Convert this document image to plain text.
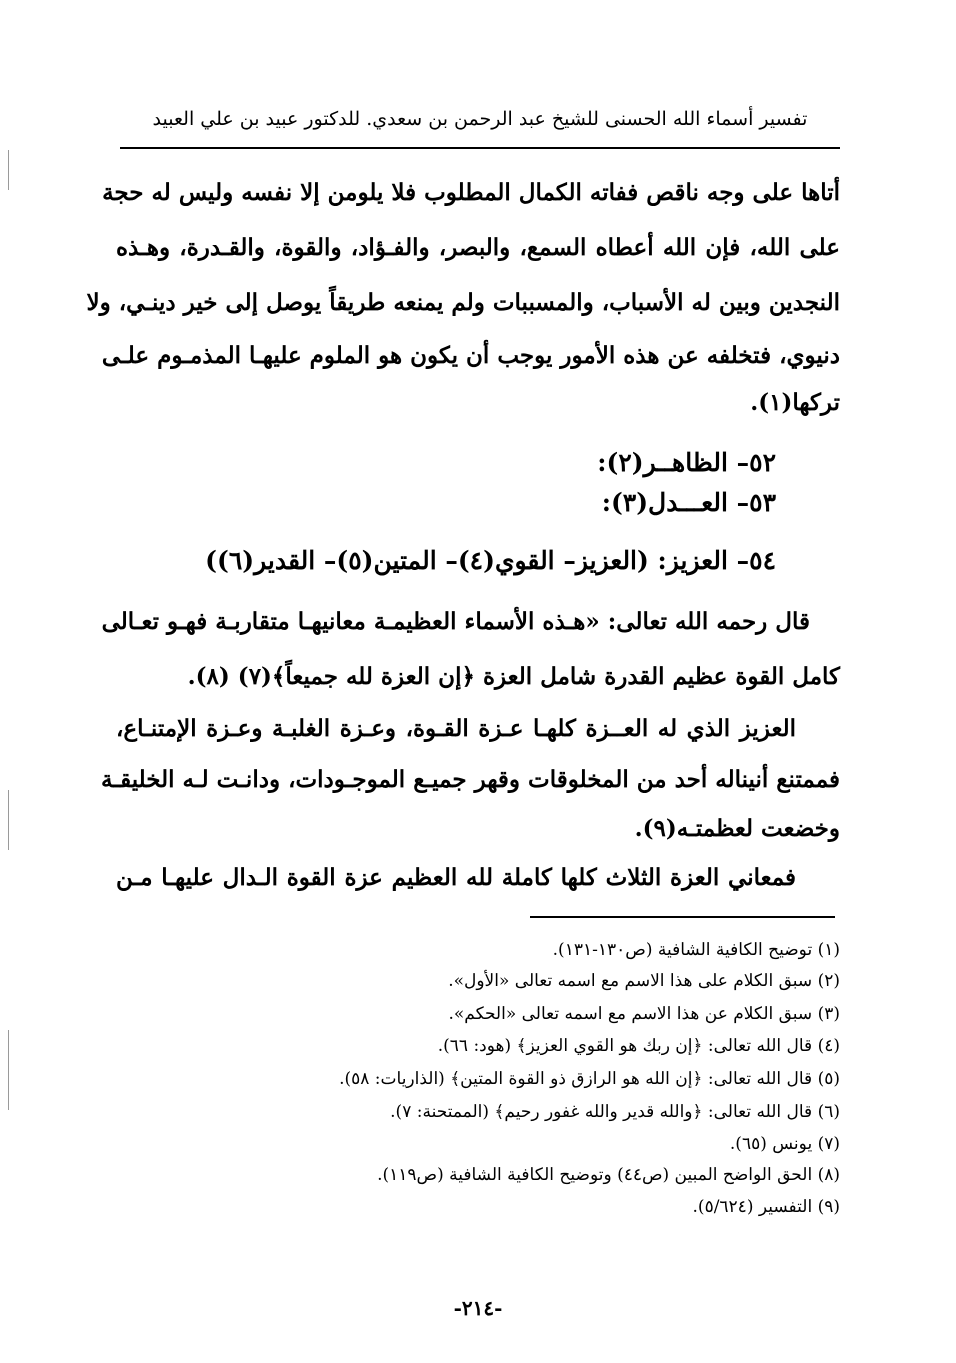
تفسير أسماء الله الحسنى للشيخ عبد الرحمن بن سعدي. للدكتور عبيد بن علي العبيد
أتاها على وجه ناقص ففاته الكمال المطلوب فلا يلومن إلا نفسه وليس له حجة
على الله، فإن الله أعطاه السمع، والبصر، والفـؤاد، والقوة، والقـدرة، وهـذه
النجدين وبين له الأسباب، والمسببات ولم يمنعه طريقاً يوصل إلى خير دينـي، ولا
دنيوي، فتخلفه عن هذه الأمور يوجب أن يكون هو الملوم عليهـا المذمـوم علـى
تركها(١).
٥٢– الظاهــر(٢):
٥٣– العـــدل(٣):
٥٤– العزيز: (العزيز– القوي(٤)– المتين(٥)– القدير(٦))
قال رحمه الله تعالى: «هـذه الأسماء العظيمـة معانيهـا متقاربـة فهـو تعـالى
كامل القوة عظيم القدرة شامل العزة ﴿إن العزة لله جميعاً﴾(٧) (٨).
العزيز الذي له العــزة كلهـا عـزة القـوة، وعـزة الغلبـة وعـزة الإمتنـاع،
فممتنع أنيناله أحد من المخلوقات وقهر جميـع الموجـودات، ودانـت لـه الخليقـة
وخضعت لعظمتـه(٩).
فمعاني العزة الثلاث كلها كاملة لله العظيم عزة القوة الـدال عليهـا مـن
(١) توضيح الكافية الشافية (ص١٣٠-١٣١).
(٢) سبق الكلام على هذا الاسم مع اسمه تعالى «الأول».
(٣) سبق الكلام عن هذا الاسم مع اسمه تعالى «الحكم».
(٤) قال الله تعالى: ﴿إن ربك هو القوي العزيز﴾ (هود: ٦٦).
(٥) قال الله تعالى: ﴿إن الله هو الرازق ذو القوة المتين﴾ (الذاريات: ٥٨).
(٦) قال الله تعالى: ﴿والله قدير والله غفور رحيم﴾ (الممتحنة: ٧).
(٧) يونس (٦٥).
(٨) الحق الواضح المبين (ص٤٤) وتوضيح الكافية الشافية (ص١١٩).
(٩) التفسير (٥/٦٢٤).
-٢١٤-
